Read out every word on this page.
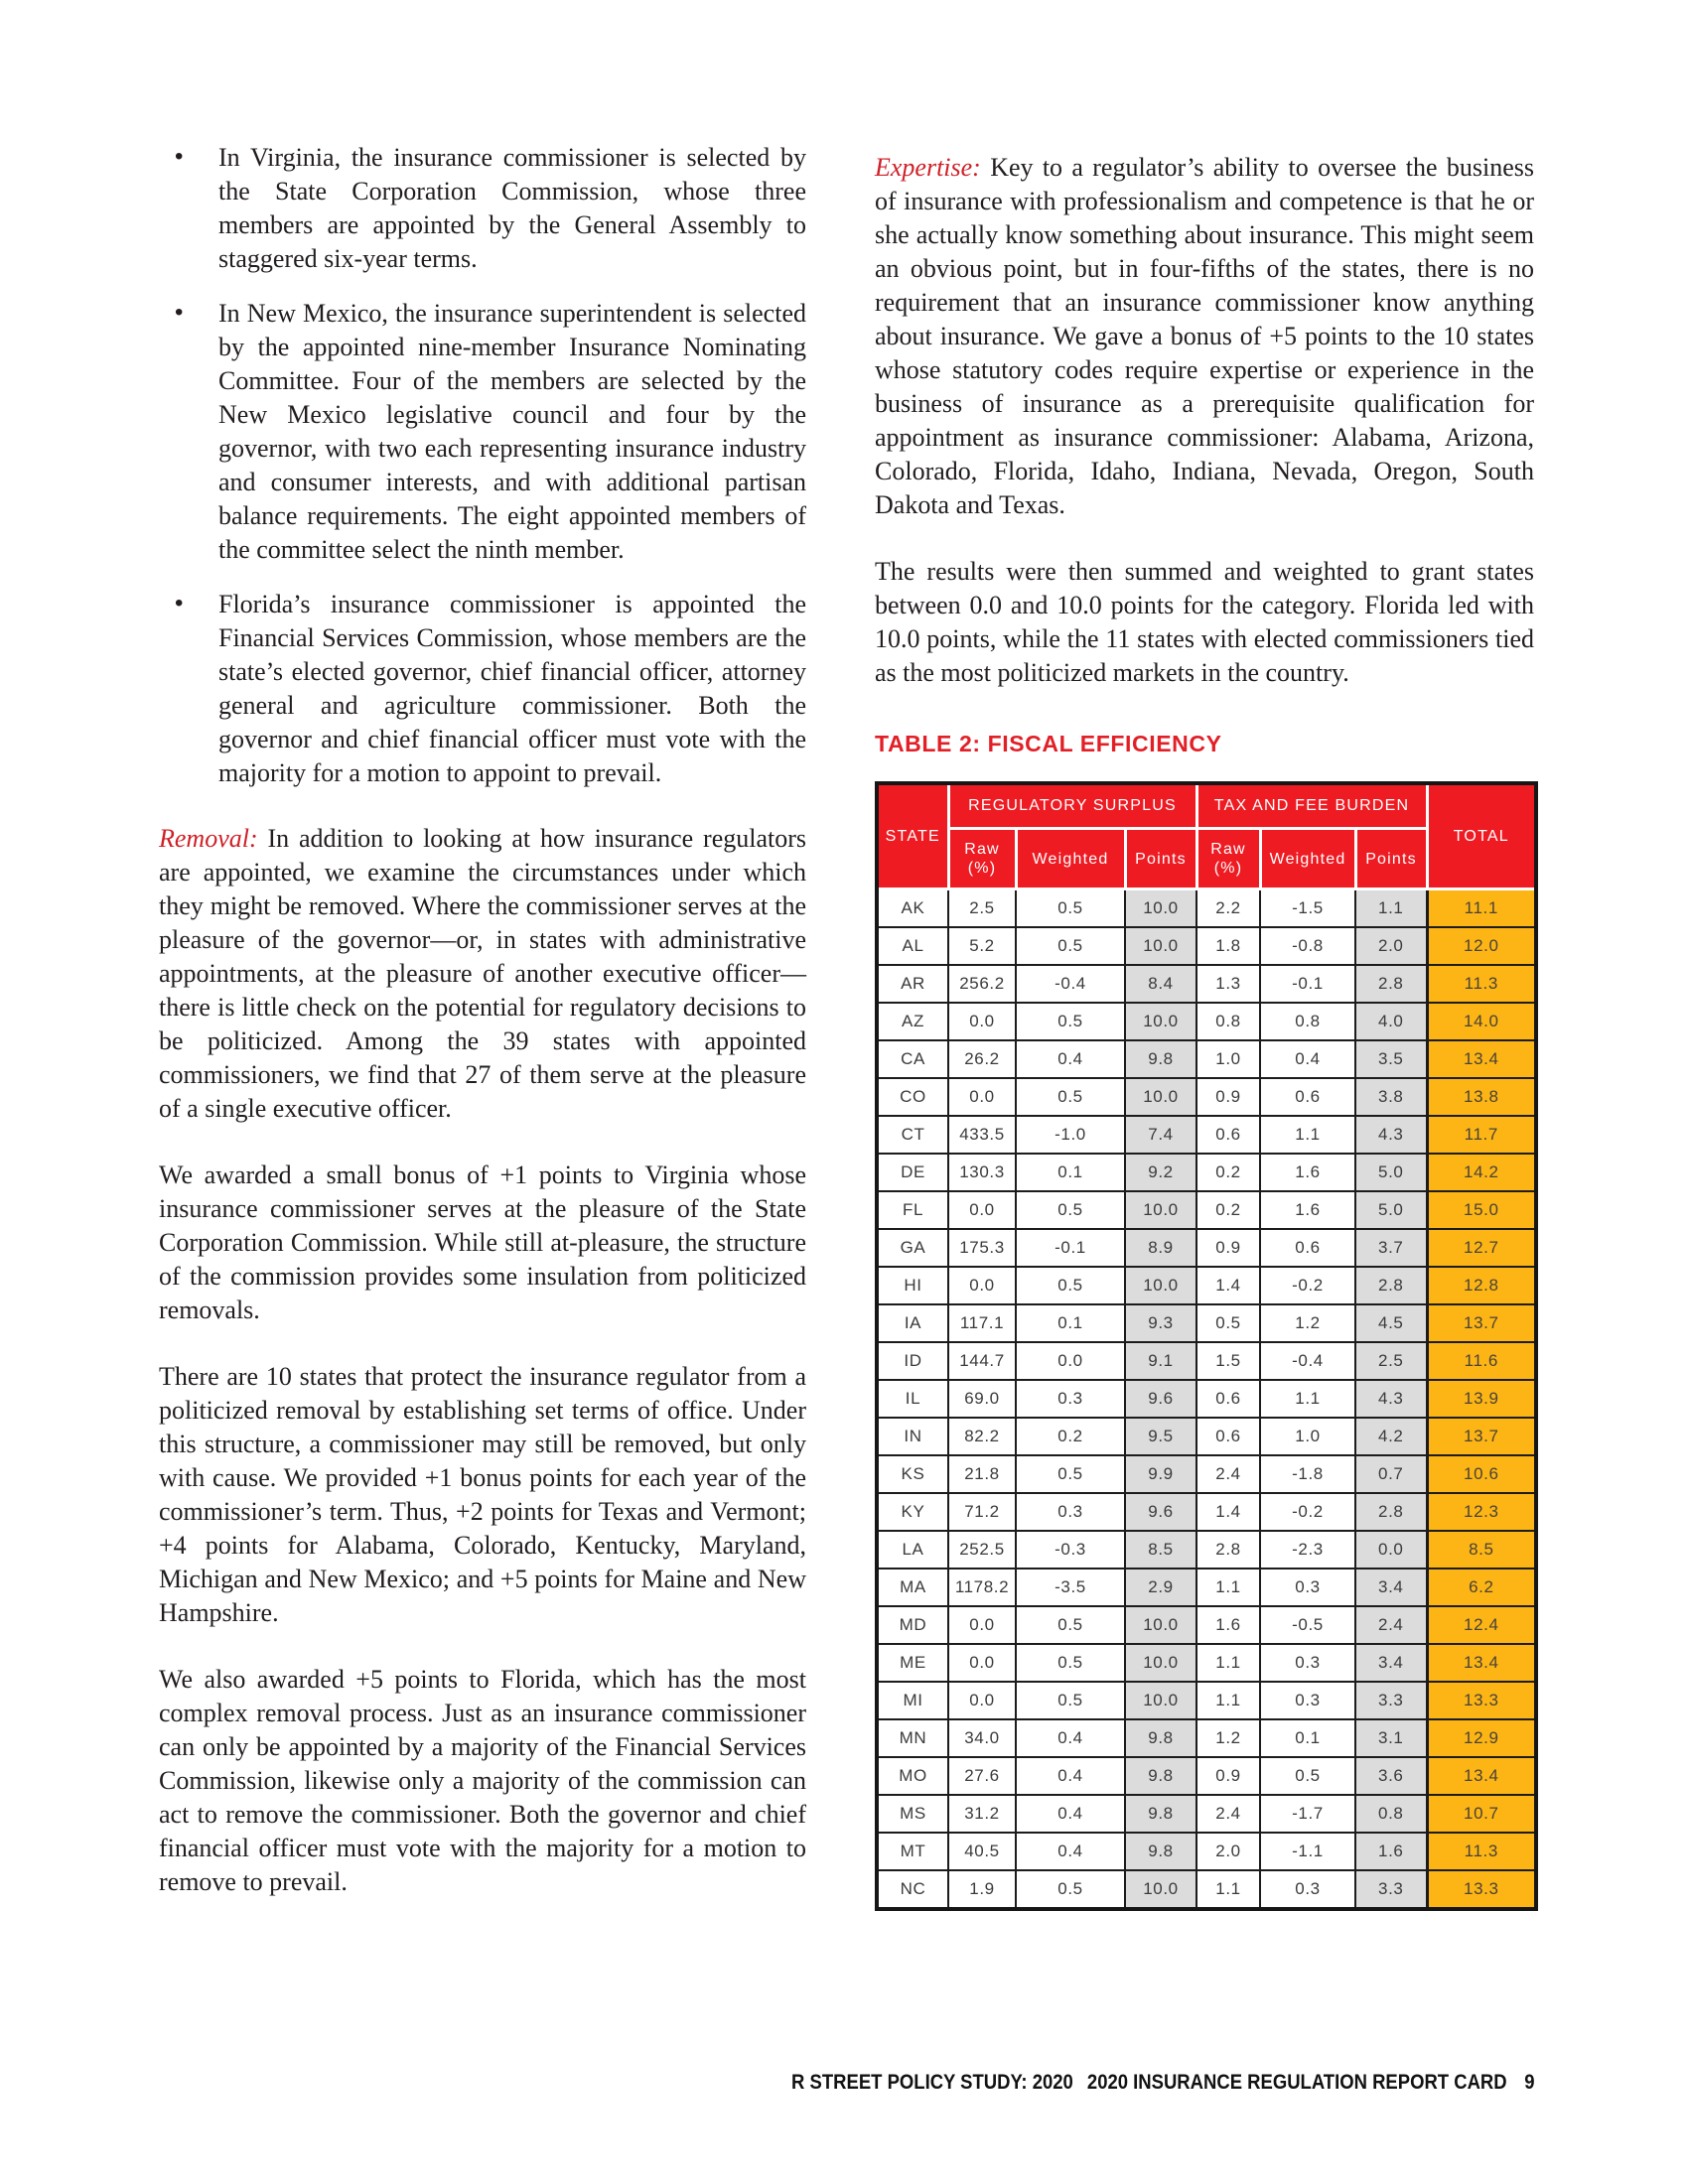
• In Virginia, the insurance commissioner is selected by the State Corporation Commission, whose three members are appointed by the General Assembly to staggered six-year terms.
• In New Mexico, the insurance superintendent is selected by the appointed nine-member Insurance Nominating Committee. Four of the members are selected by the New Mexico legislative council and four by the governor, with two each representing insurance industry and consumer interests, and with additional partisan balance requirements. The eight appointed members of the committee select the ninth member.
• Florida’s insurance commissioner is appointed the Financial Services Commission, whose members are the state’s elected governor, chief financial officer, attorney general and agriculture commissioner. Both the governor and chief financial officer must vote with the majority for a motion to appoint to prevail.

Removal: In addition to looking at how insurance regulators are appointed, we examine the circumstances under which they might be removed. Where the commissioner serves at the pleasure of the governor—or, in states with administrative appointments, at the pleasure of another executive officer—there is little check on the potential for regulatory decisions to be politicized. Among the 39 states with appointed commissioners, we find that 27 of them serve at the pleasure of a single executive officer.

We awarded a small bonus of +1 points to Virginia whose insurance commissioner serves at the pleasure of the State Corporation Commission. While still at-pleasure, the structure of the commission provides some insulation from politicized removals.

There are 10 states that protect the insurance regulator from a politicized removal by establishing set terms of office. Under this structure, a commissioner may still be removed, but only with cause. We provided +1 bonus points for each year of the commissioner’s term. Thus, +2 points for Texas and Vermont; +4 points for Alabama, Colorado, Kentucky, Maryland, Michigan and New Mexico; and +5 points for Maine and New Hampshire.

We also awarded +5 points to Florida, which has the most complex removal process. Just as an insurance commissioner can only be appointed by a majority of the Financial Services Commission, likewise only a majority of the commission can act to remove the commissioner. Both the governor and chief financial officer must vote with the majority for a motion to remove to prevail.

Expertise: Key to a regulator’s ability to oversee the business of insurance with professionalism and competence is that he or she actually know something about insurance. This might seem an obvious point, but in four-fifths of the states, there is no requirement that an insurance commissioner know anything about insurance. We gave a bonus of +5 points to the 10 states whose statutory codes require expertise or experience in the business of insurance as a prerequisite qualification for appointment as insurance commissioner: Alabama, Arizona, Colorado, Florida, Idaho, Indiana, Nevada, Oregon, South Dakota and Texas.

The results were then summed and weighted to grant states between 0.0 and 10.0 points for the category. Florida led with 10.0 points, while the 11 states with elected commissioners tied as the most politicized markets in the country.

TABLE 2: FISCAL EFFICIENCY
STATE	REGULATORY SURPLUS			TAX AND FEE BURDEN			TOTAL
	Raw (%)	Weighted	Points	Raw (%)	Weighted	Points	
AK	2.5	0.5	10.0	2.2	-1.5	1.1	11.1
AL	5.2	0.5	10.0	1.8	-0.8	2.0	12.0
AR	256.2	-0.4	8.4	1.3	-0.1	2.8	11.3
AZ	0.0	0.5	10.0	0.8	0.8	4.0	14.0
CA	26.2	0.4	9.8	1.0	0.4	3.5	13.4
CO	0.0	0.5	10.0	0.9	0.6	3.8	13.8
CT	433.5	-1.0	7.4	0.6	1.1	4.3	11.7
DE	130.3	0.1	9.2	0.2	1.6	5.0	14.2
FL	0.0	0.5	10.0	0.2	1.6	5.0	15.0
GA	175.3	-0.1	8.9	0.9	0.6	3.7	12.7
HI	0.0	0.5	10.0	1.4	-0.2	2.8	12.8
IA	117.1	0.1	9.3	0.5	1.2	4.5	13.7
ID	144.7	0.0	9.1	1.5	-0.4	2.5	11.6
IL	69.0	0.3	9.6	0.6	1.1	4.3	13.9
IN	82.2	0.2	9.5	0.6	1.0	4.2	13.7
KS	21.8	0.5	9.9	2.4	-1.8	0.7	10.6
KY	71.2	0.3	9.6	1.4	-0.2	2.8	12.3
LA	252.5	-0.3	8.5	2.8	-2.3	0.0	8.5
MA	1178.2	-3.5	2.9	1.1	0.3	3.4	6.2
MD	0.0	0.5	10.0	1.6	-0.5	2.4	12.4
ME	0.0	0.5	10.0	1.1	0.3	3.4	13.4
MI	0.0	0.5	10.0	1.1	0.3	3.3	13.3
MN	34.0	0.4	9.8	1.2	0.1	3.1	12.9
MO	27.6	0.4	9.8	0.9	0.5	3.6	13.4
MS	31.2	0.4	9.8	2.4	-1.7	0.8	10.7
MT	40.5	0.4	9.8	2.0	-1.1	1.6	11.3
NC	1.9	0.5	10.0	1.1	0.3	3.3	13.3
R STREET POLICY STUDY: 2020 2020 INSURANCE REGULATION REPORT CARD 9
